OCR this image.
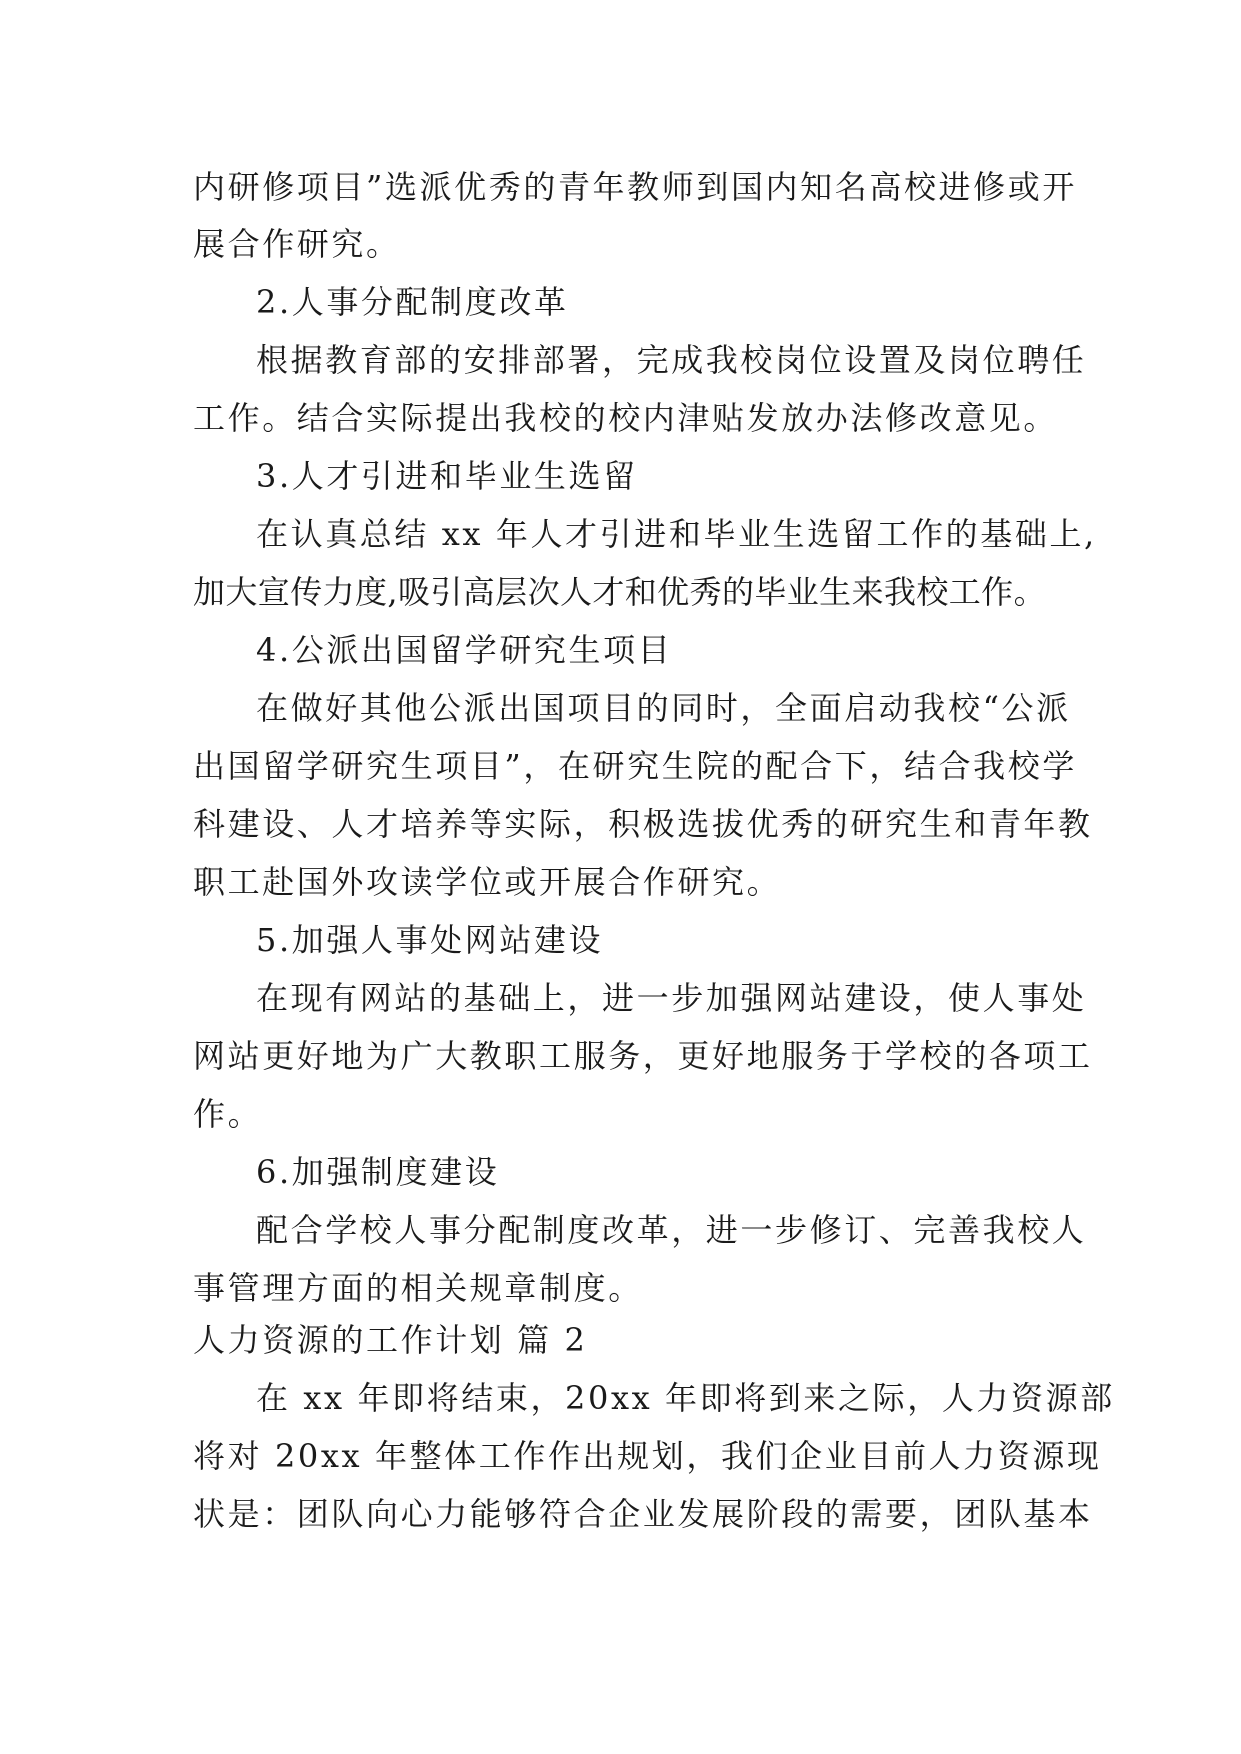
内研修项目”选派优秀的青年教师到国内知名高校进修或开
展合作研究。
2.人事分配制度改革
根据教育部的安排部署，完成我校岗位设置及岗位聘任
工作。结合实际提出我校的校内津贴发放办法修改意见。
3.人才引进和毕业生选留
在认真总结 xx 年人才引进和毕业生选留工作的基础上,
加大宣传力度,吸引高层次人才和优秀的毕业生来我校工作。
4.公派出国留学研究生项目
在做好其他公派出国项目的同时，全面启动我校“公派
出国留学研究生项目”，在研究生院的配合下，结合我校学
科建设、人才培养等实际，积极选拔优秀的研究生和青年教
职工赴国外攻读学位或开展合作研究。
5.加强人事处网站建设
在现有网站的基础上，进一步加强网站建设，使人事处
网站更好地为广大教职工服务，更好地服务于学校的各项工
作。
6.加强制度建设
配合学校人事分配制度改革，进一步修订、完善我校人
事管理方面的相关规章制度。
人力资源的工作计划 篇 2
在 xx 年即将结束，20xx 年即将到来之际，人力资源部
将对 20xx 年整体工作作出规划，我们企业目前人力资源现
状是：团队向心力能够符合企业发展阶段的需要，团队基本
